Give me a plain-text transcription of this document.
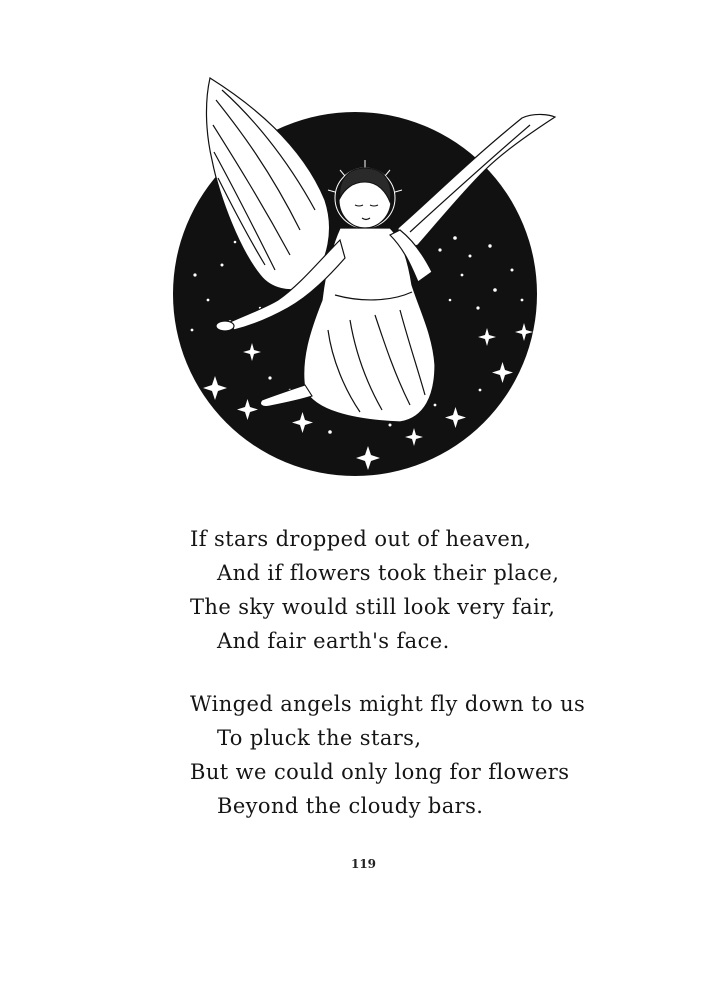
If stars dropped out of heaven,
And if flowers took their place,
The sky would still look very fair,
And fair earth's face.
Winged angels might fly down to us
To pluck the stars,
But we could only long for flowers
Beyond the cloudy bars.
119
